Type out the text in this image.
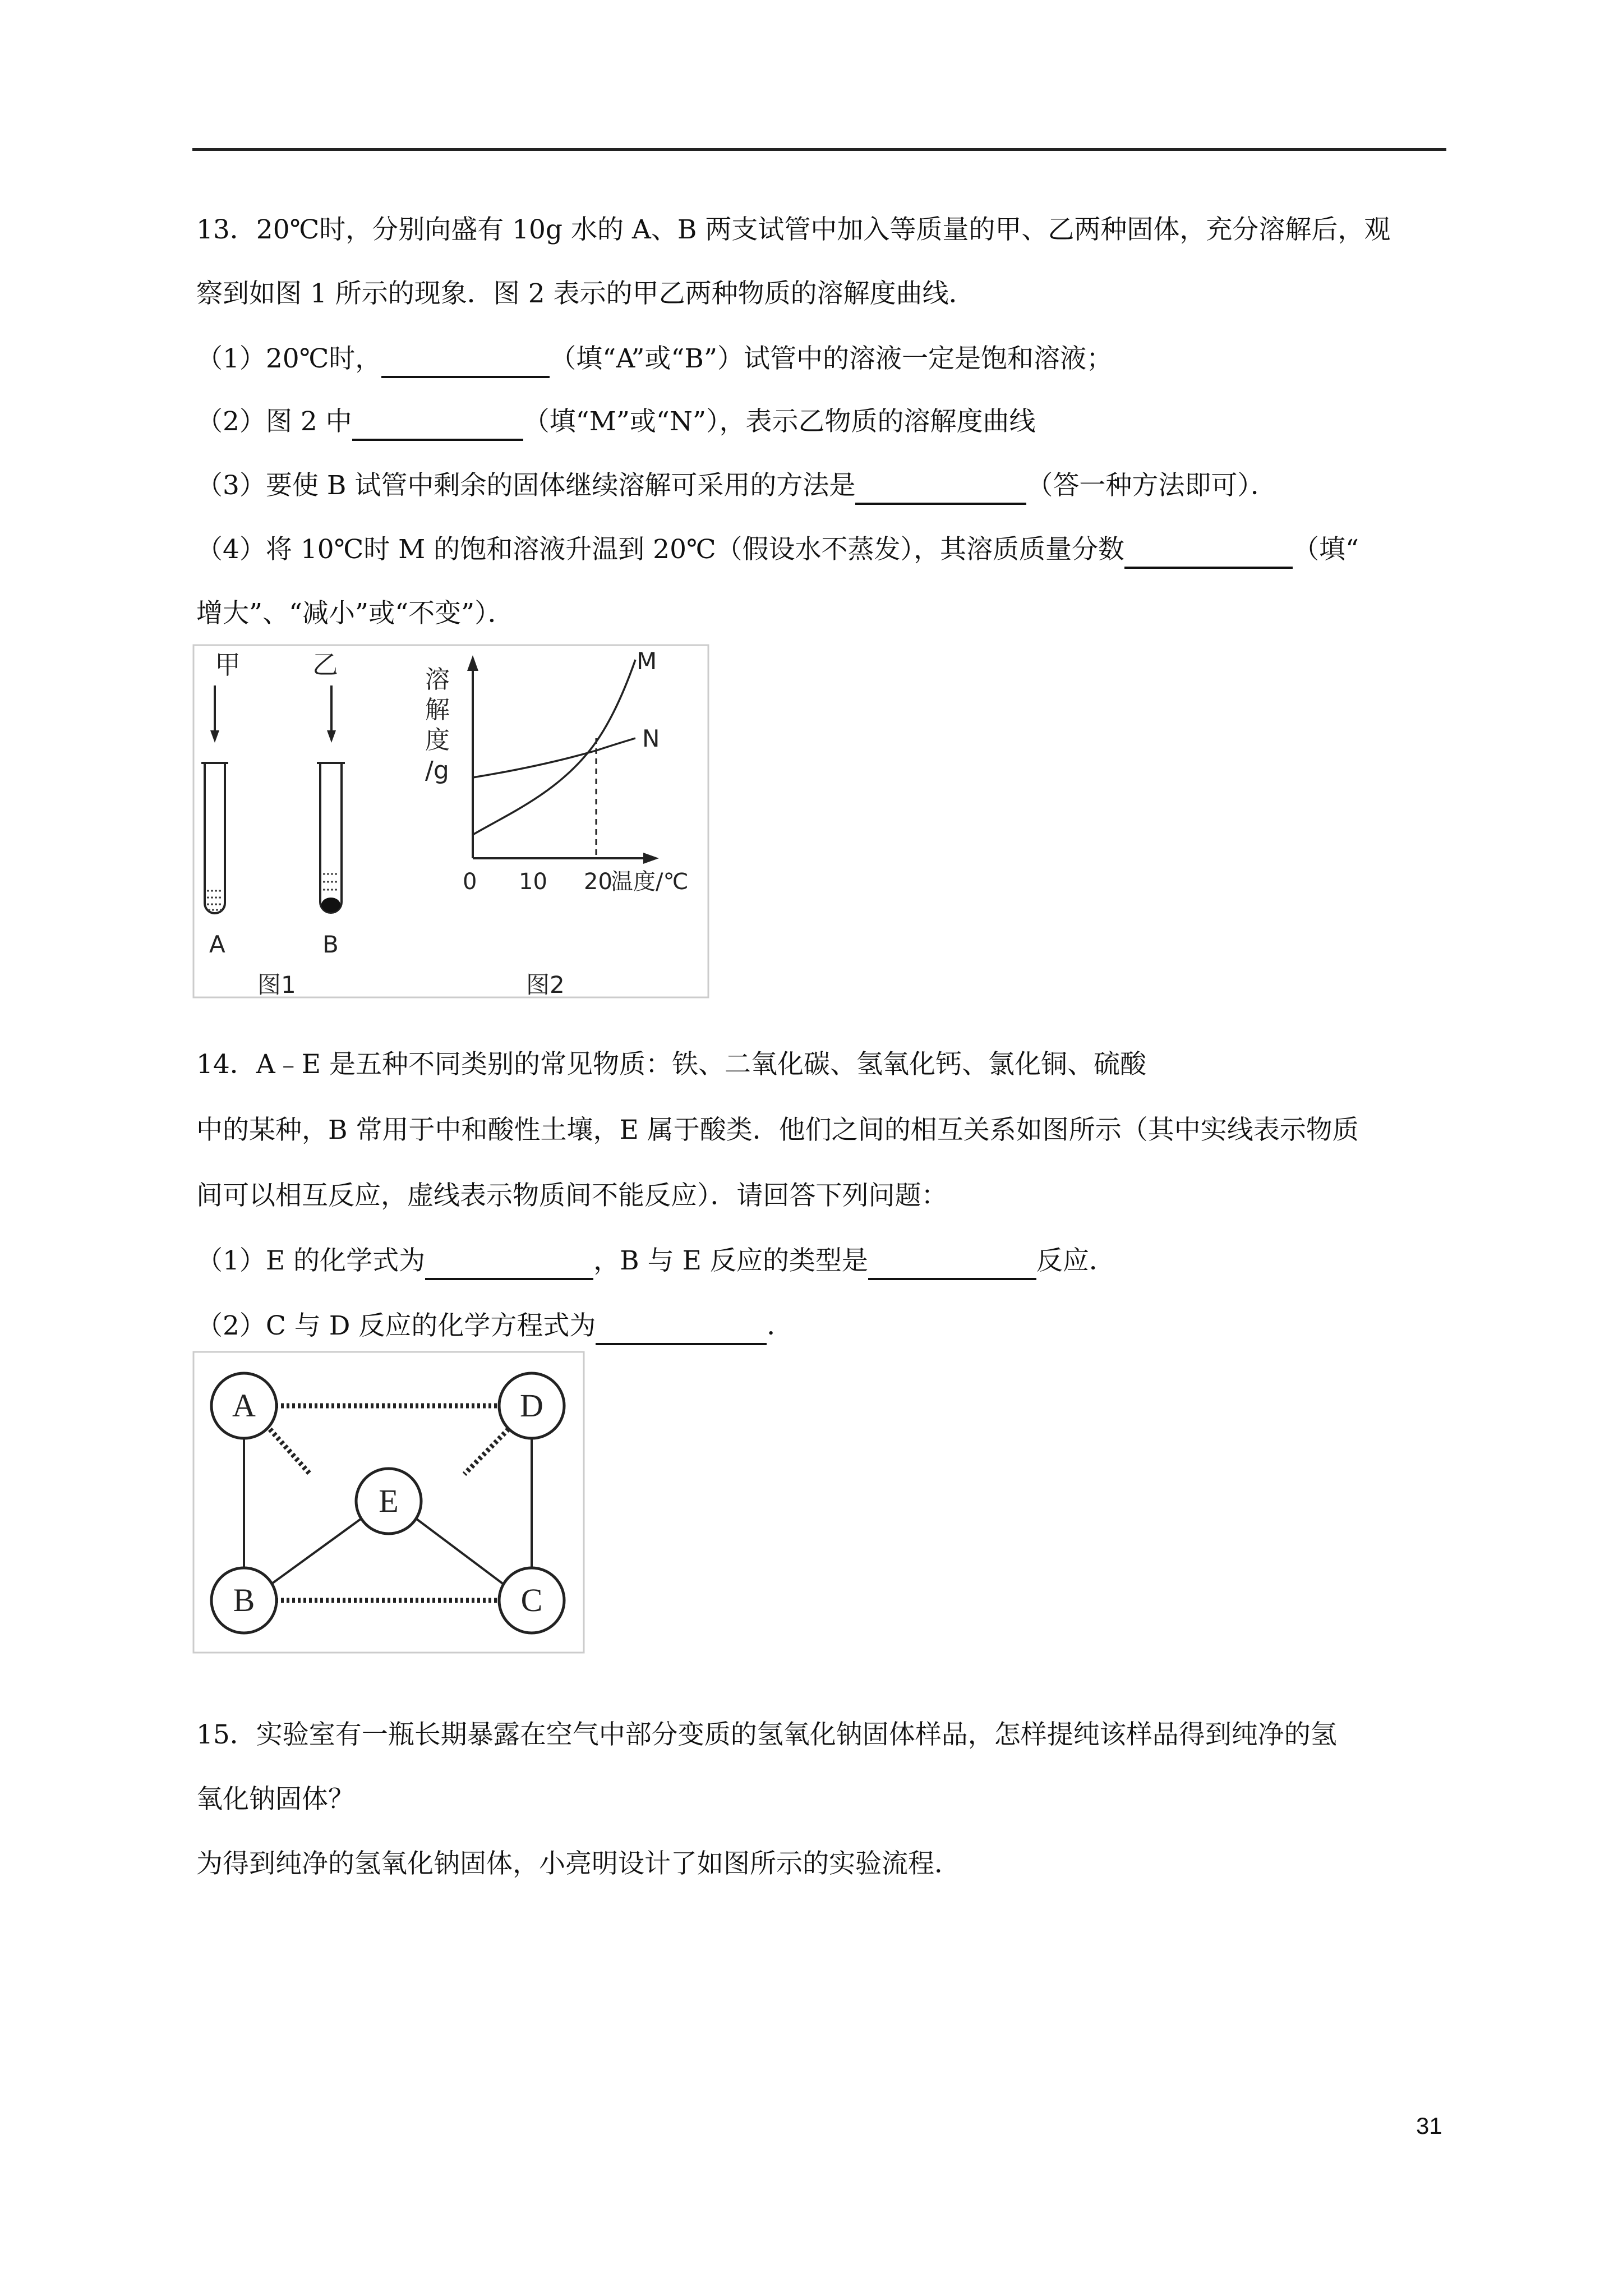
13．20℃时，分别向盛有 10g 水的 A、B 两支试管中加入等质量的甲、乙两种固体，充分溶解后，观
察到如图 1 所示的现象．图 2 表示的甲乙两种物质的溶解度曲线．
（1）20℃时，	（填“A”或“B”）试管中的溶液一定是饱和溶液；
（2）图 2 中	（填“M”或“N”），表示乙物质的溶解度曲线
（3）要使 B 试管中剩余的固体继续溶解可采用的方法是	（答一种方法即可）．
（4）将 10℃时 M 的饱和溶液升温到 20℃（假设水不蒸发），其溶质质量分数	（填“
增大”、“减小”或“不变”）．
甲	乙
A	B
图1
溶
解
度
/g
M
N
0 10 20
温度/℃
图2
14．A﹣E 是五种不同类别的常见物质：铁、二氧化碳、氢氧化钙、氯化铜、硫酸
中的某种，B 常用于中和酸性土壤，E 属于酸类．他们之间的相互关系如图所示（其中实线表示物质
间可以相互反应，虚线表示物质间不能反应）．请回答下列问题：
（1）E 的化学式为	，B 与 E 反应的类型是	反应．
（2）C 与 D 反应的化学方程式为	．
A	D
E
B	C
15．实验室有一瓶长期暴露在空气中部分变质的氢氧化钠固体样品，怎样提纯该样品得到纯净的氢
氧化钠固体？
为得到纯净的氢氧化钠固体，小亮明设计了如图所示的实验流程．
31
